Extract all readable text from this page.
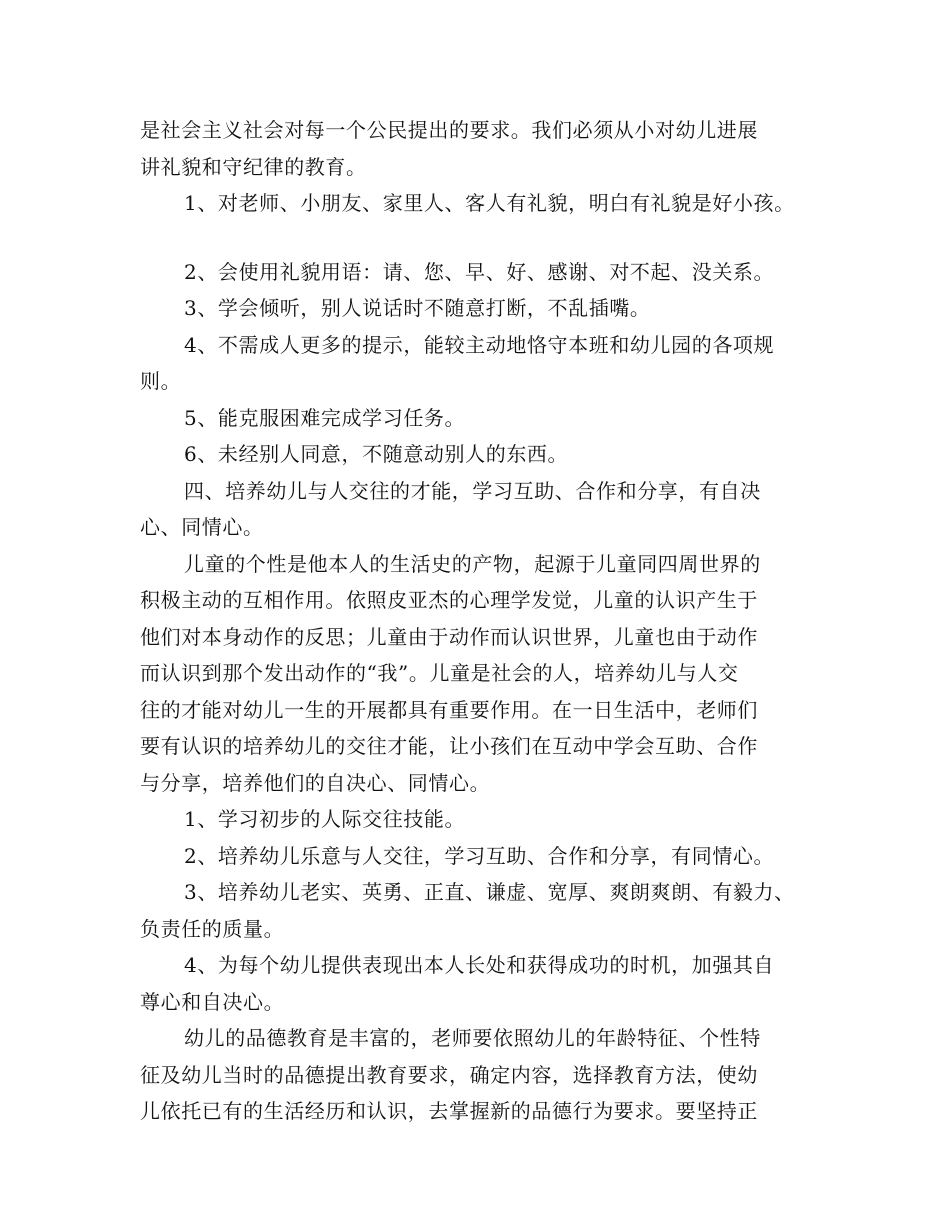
是社会主义社会对每一个公民提出的要求。我们必须从小对幼儿进展
讲礼貌和守纪律的教育。
1、对老师、小朋友、家里人、客人有礼貌，明白有礼貌是好小孩。
2、会使用礼貌用语：请、您、早、好、感谢、对不起、没关系。
3、学会倾听，别人说话时不随意打断，不乱插嘴。
4、不需成人更多的提示，能较主动地恪守本班和幼儿园的各项规
则。
5、能克服困难完成学习任务。
6、未经别人同意，不随意动别人的东西。
四、培养幼儿与人交往的才能，学习互助、合作和分享，有自决
心、同情心。
儿童的个性是他本人的生活史的产物，起源于儿童同四周世界的
积极主动的互相作用。依照皮亚杰的心理学发觉，儿童的认识产生于
他们对本身动作的反思；儿童由于动作而认识世界，儿童也由于动作
而认识到那个发出动作的“我”。儿童是社会的人，培养幼儿与人交
往的才能对幼儿一生的开展都具有重要作用。在一日生活中，老师们
要有认识的培养幼儿的交往才能，让小孩们在互动中学会互助、合作
与分享，培养他们的自决心、同情心。
1、学习初步的人际交往技能。
2、培养幼儿乐意与人交往，学习互助、合作和分享，有同情心。
3、培养幼儿老实、英勇、正直、谦虚、宽厚、爽朗爽朗、有毅力、
负责任的质量。
4、为每个幼儿提供表现出本人长处和获得成功的时机，加强其自
尊心和自决心。
幼儿的品德教育是丰富的，老师要依照幼儿的年龄特征、个性特
征及幼儿当时的品德提出教育要求，确定内容，选择教育方法，使幼
儿依托已有的生活经历和认识，去掌握新的品德行为要求。要坚持正
